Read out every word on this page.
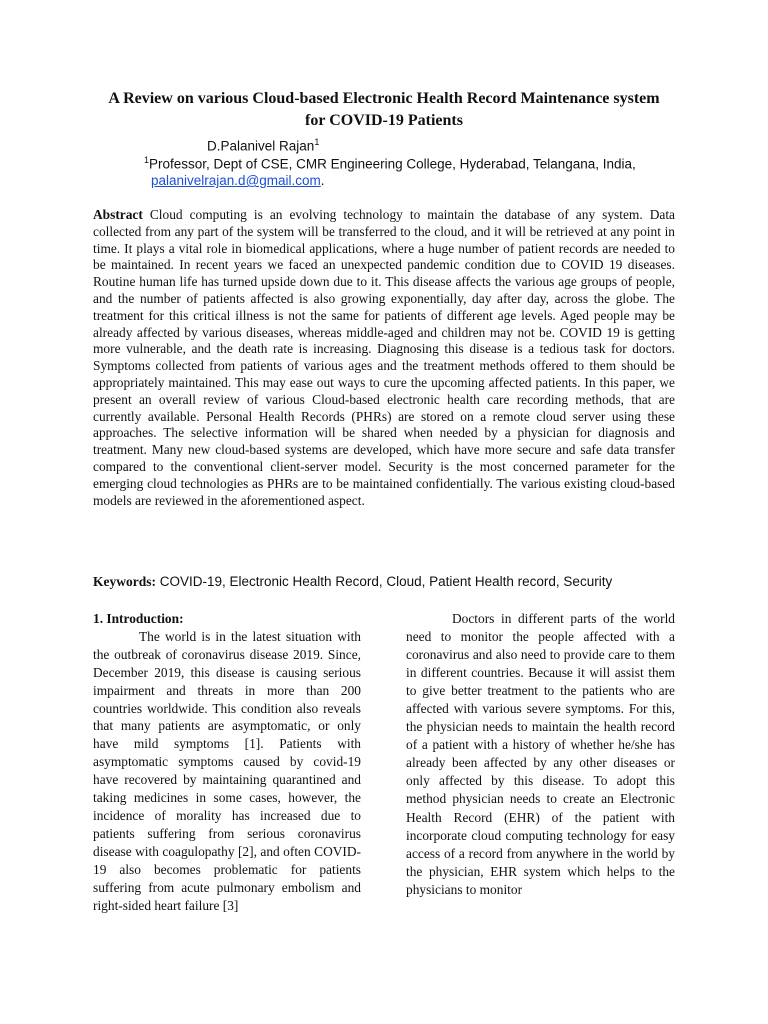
A Review on various Cloud-based Electronic Health Record Maintenance system for COVID-19 Patients
D.Palanivel Rajan$^1$
$^1$Professor, Dept of CSE, CMR Engineering College, Hyderabad, Telangana, India,
palanivelrajan.d@gmail.com.
Abstract Cloud computing is an evolving technology to maintain the database of any system. Data collected from any part of the system will be transferred to the cloud, and it will be retrieved at any point in time. It plays a vital role in biomedical applications, where a huge number of patient records are needed to be maintained. In recent years we faced an unexpected pandemic condition due to COVID 19 diseases. Routine human life has turned upside down due to it. This disease affects the various age groups of people, and the number of patients affected is also growing exponentially, day after day, across the globe. The treatment for this critical illness is not the same for patients of different age levels. Aged people may be already affected by various diseases, whereas middle-aged and children may not be. COVID 19 is getting more vulnerable, and the death rate is increasing. Diagnosing this disease is a tedious task for doctors. Symptoms collected from patients of various ages and the treatment methods offered to them should be appropriately maintained. This may ease out ways to cure the upcoming affected patients. In this paper, we present an overall review of various Cloud-based electronic health care recording methods, that are currently available. Personal Health Records (PHRs) are stored on a remote cloud server using these approaches. The selective information will be shared when needed by a physician for diagnosis and treatment. Many new cloud-based systems are developed, which have more secure and safe data transfer compared to the conventional client-server model. Security is the most concerned parameter for the emerging cloud technologies as PHRs are to be maintained confidentially. The various existing cloud-based models are reviewed in the aforementioned aspect.
Keywords: COVID-19, Electronic Health Record, Cloud, Patient Health record, Security

1. Introduction:

The world is in the latest situation with the outbreak of coronavirus disease 2019. Since, December 2019, this disease is causing serious impairment and threats in more than 200 countries worldwide. This condition also reveals that many patients are asymptomatic, or only have mild symptoms [1]. Patients with asymptomatic symptoms caused by covid-19 have recovered by maintaining quarantined and taking medicines in some cases, however, the incidence of morality has increased due to patients suffering from serious coronavirus disease with coagulopathy [2], and often COVID-19 also becomes problematic for patients suffering from acute pulmonary embolism and right-sided heart failure [3]

Doctors in different parts of the world need to monitor the people affected with a coronavirus and also need to provide care to them in different countries. Because it will assist them to give better treatment to the patients who are affected with various severe symptoms. For this, the physician needs to maintain the health record of a patient with a history of whether he/she has already been affected by any other diseases or only affected by this disease. To adopt this method physician needs to create an Electronic Health Record (EHR) of the patient with incorporate cloud computing technology for easy access of a record from anywhere in the world by the physician, EHR system which helps to the physicians to monitor
